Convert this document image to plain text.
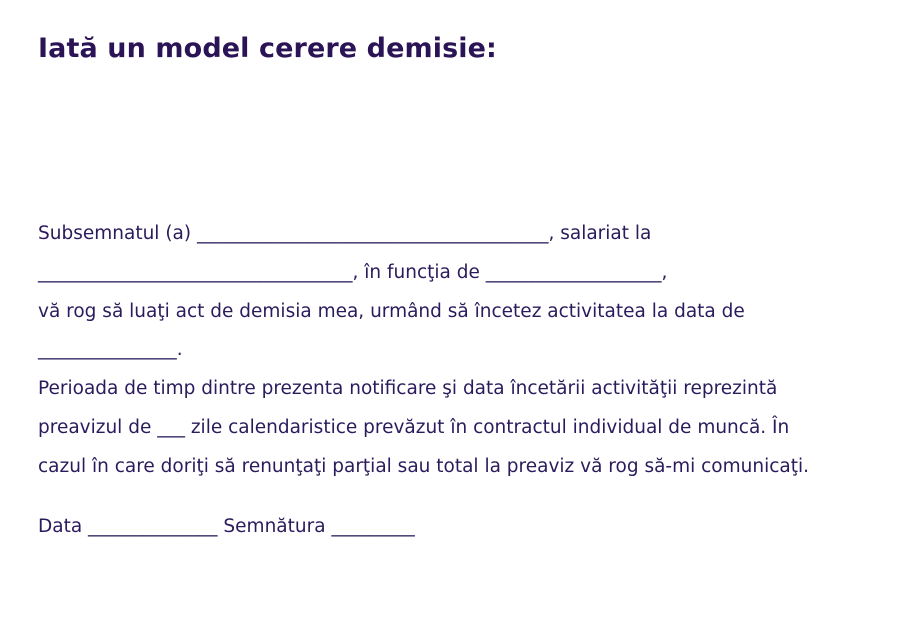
Iată un model cerere demisie:
Subsemnatul (a) ______________________________________, salariat la
__________________________________, în funcţia de ___________________,
vă rog să luaţi act de demisia mea, urmând să încetez activitatea la data de
_______________.
Perioada de timp dintre prezenta notificare şi data încetării activităţii reprezintă
preavizul de ___ zile calendaristice prevăzut în contractul individual de muncă. În
cazul în care doriţi să renunţaţi parţial sau total la preaviz vă rog să-mi comunicaţi.
Data ______________ Semnătura _________
